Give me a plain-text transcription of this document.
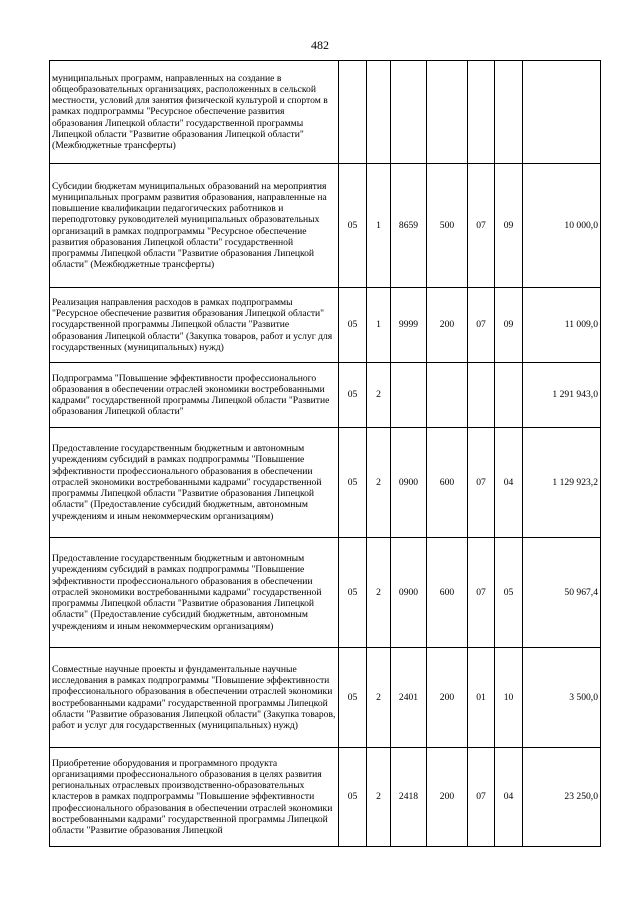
482
муниципальных программ, направленных на создание в общеобразовательных организациях, расположенных в сельской местности, условий для занятия физической культурой и спортом в рамках подпрограммы "Ресурсное обеспечение развития образования Липецкой области" государственной программы Липецкой области "Развитие образования Липецкой области" (Межбюджетные трансферты)							
Субсидии бюджетам муниципальных образований на мероприятия муниципальных программ развития образования, направленные на повышение квалификации педагогических работников и переподготовку руководителей муниципальных образовательных организаций в рамках подпрограммы "Ресурсное обеспечение развития образования Липецкой области" государственной программы Липецкой области "Развитие образования Липецкой области" (Межбюджетные трансферты)	05	1	8659	500	07	09	10 000,0
Реализация направления расходов в рамках подпрограммы "Ресурсное обеспечение развития образования Липецкой области" государственной программы Липецкой области "Развитие образования Липецкой области" (Закупка товаров, работ и услуг для государственных (муниципальных) нужд)	05	1	9999	200	07	09	11 009,0
Подпрограмма "Повышение эффективности профессионального образования в обеспечении отраслей экономики востребованными кадрами" государственной программы Липецкой области "Развитие образования Липецкой области"	05	2					1 291 943,0
Предоставление государственным бюджетным и автономным учреждениям субсидий в рамках подпрограммы "Повышение эффективности профессионального образования в обеспечении отраслей экономики востребованными кадрами" государственной программы Липецкой области "Развитие образования Липецкой области" (Предоставление субсидий бюджетным, автономным учреждениям и иным некоммерческим организациям)	05	2	0900	600	07	04	1 129 923,2
Предоставление государственным бюджетным и автономным учреждениям субсидий в рамках подпрограммы "Повышение эффективности профессионального образования в обеспечении отраслей экономики востребованными кадрами" государственной программы Липецкой области "Развитие образования Липецкой области" (Предоставление субсидий бюджетным, автономным учреждениям и иным некоммерческим организациям)	05	2	0900	600	07	05	50 967,4
Совместные научные проекты и фундаментальные научные исследования в рамках подпрограммы "Повышение эффективности профессионального образования в обеспечении отраслей экономики востребованными кадрами" государственной программы Липецкой области "Развитие образования Липецкой области" (Закупка товаров, работ и услуг для государственных (муниципальных) нужд)	05	2	2401	200	01	10	3 500,0
Приобретение оборудования и программного продукта организациями профессионального образования в целях развития региональных отраслевых производственно-образовательных кластеров в рамках подпрограммы "Повышение эффективности профессионального образования в обеспечении отраслей экономики востребованными кадрами" государственной программы Липецкой области "Развитие образования Липецкой	05	2	2418	200	07	04	23 250,0
